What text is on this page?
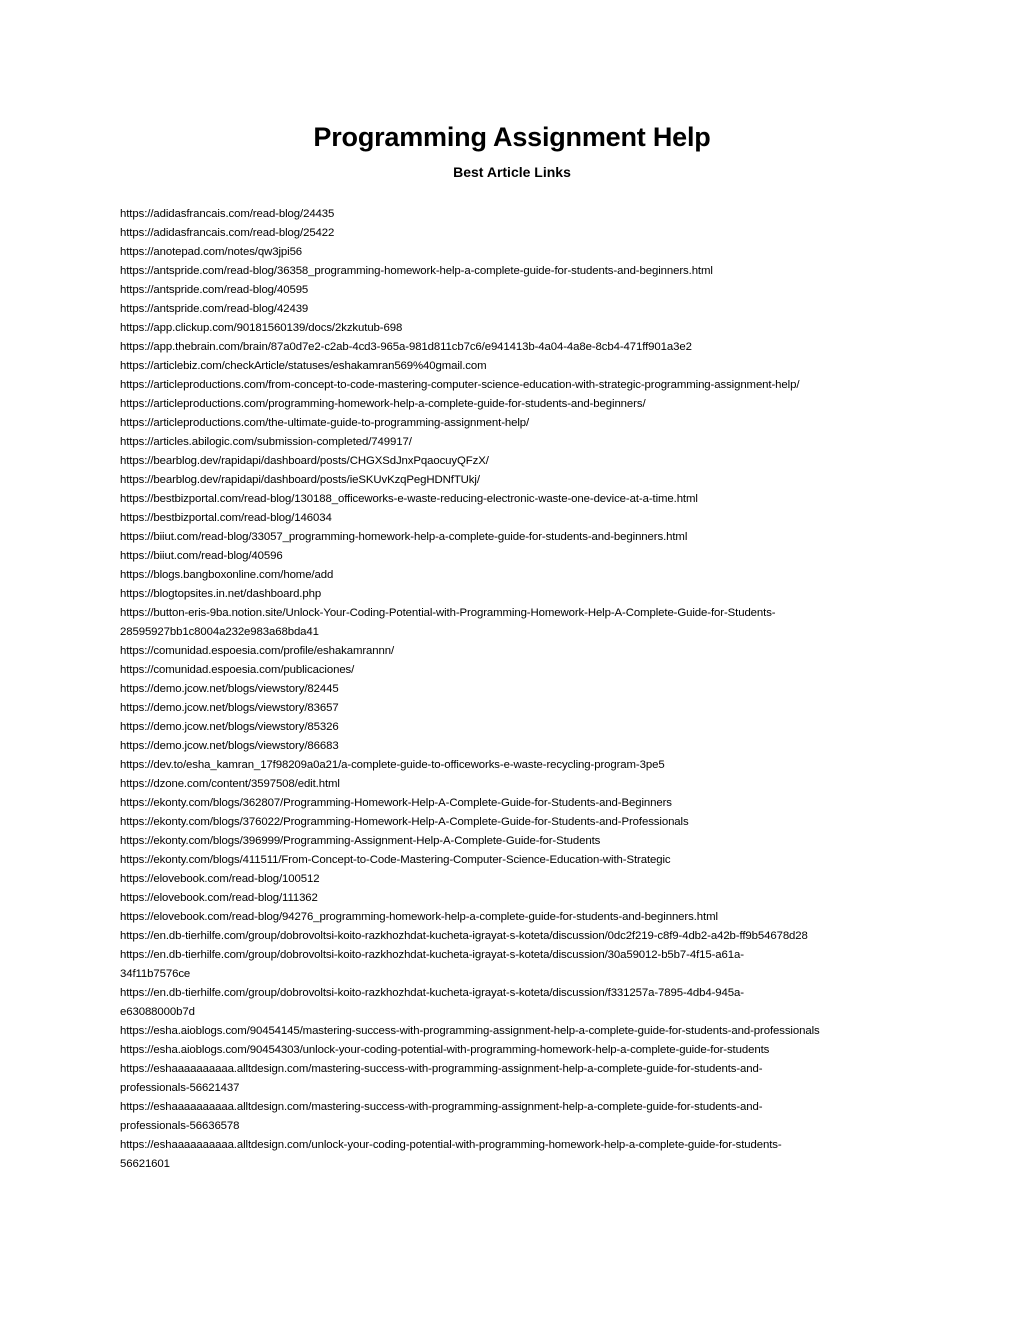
Programming Assignment Help
Best Article Links
https://adidasfrancais.com/read-blog/24435
https://adidasfrancais.com/read-blog/25422
https://anotepad.com/notes/qw3jpi56
https://antspride.com/read-blog/36358_programming-homework-help-a-complete-guide-for-students-and-beginners.html
https://antspride.com/read-blog/40595
https://antspride.com/read-blog/42439
https://app.clickup.com/90181560139/docs/2kzkutub-698
https://app.thebrain.com/brain/87a0d7e2-c2ab-4cd3-965a-981d811cb7c6/e941413b-4a04-4a8e-8cb4-471ff901a3e2
https://articlebiz.com/checkArticle/statuses/eshakamran569%40gmail.com
https://articleproductions.com/from-concept-to-code-mastering-computer-science-education-with-strategic-programming-assignment-help/
https://articleproductions.com/programming-homework-help-a-complete-guide-for-students-and-beginners/
https://articleproductions.com/the-ultimate-guide-to-programming-assignment-help/
https://articles.abilogic.com/submission-completed/749917/
https://bearblog.dev/rapidapi/dashboard/posts/CHGXSdJnxPqaocuyQFzX/
https://bearblog.dev/rapidapi/dashboard/posts/ieSKUvKzqPegHDNfTUkj/
https://bestbizportal.com/read-blog/130188_officeworks-e-waste-reducing-electronic-waste-one-device-at-a-time.html
https://bestbizportal.com/read-blog/146034
https://biiut.com/read-blog/33057_programming-homework-help-a-complete-guide-for-students-and-beginners.html
https://biiut.com/read-blog/40596
https://blogs.bangboxonline.com/home/add
https://blogtopsites.in.net/dashboard.php
https://button-eris-9ba.notion.site/Unlock-Your-Coding-Potential-with-Programming-Homework-Help-A-Complete-Guide-for-Students-
28595927bb1c8004a232e983a68bda41
https://comunidad.espoesia.com/profile/eshakamrannn/
https://comunidad.espoesia.com/publicaciones/
https://demo.jcow.net/blogs/viewstory/82445
https://demo.jcow.net/blogs/viewstory/83657
https://demo.jcow.net/blogs/viewstory/85326
https://demo.jcow.net/blogs/viewstory/86683
https://dev.to/esha_kamran_17f98209a0a21/a-complete-guide-to-officeworks-e-waste-recycling-program-3pe5
https://dzone.com/content/3597508/edit.html
https://ekonty.com/blogs/362807/Programming-Homework-Help-A-Complete-Guide-for-Students-and-Beginners
https://ekonty.com/blogs/376022/Programming-Homework-Help-A-Complete-Guide-for-Students-and-Professionals
https://ekonty.com/blogs/396999/Programming-Assignment-Help-A-Complete-Guide-for-Students
https://ekonty.com/blogs/411511/From-Concept-to-Code-Mastering-Computer-Science-Education-with-Strategic
https://elovebook.com/read-blog/100512
https://elovebook.com/read-blog/111362
https://elovebook.com/read-blog/94276_programming-homework-help-a-complete-guide-for-students-and-beginners.html
https://en.db-tierhilfe.com/group/dobrovoltsi-koito-razkhozhdat-kucheta-igrayat-s-koteta/discussion/0dc2f219-c8f9-4db2-a42b-ff9b54678d28
https://en.db-tierhilfe.com/group/dobrovoltsi-koito-razkhozhdat-kucheta-igrayat-s-koteta/discussion/30a59012-b5b7-4f15-a61a-
34f11b7576ce
https://en.db-tierhilfe.com/group/dobrovoltsi-koito-razkhozhdat-kucheta-igrayat-s-koteta/discussion/f331257a-7895-4db4-945a-
e63088000b7d
https://esha.aioblogs.com/90454145/mastering-success-with-programming-assignment-help-a-complete-guide-for-students-and-professionals
https://esha.aioblogs.com/90454303/unlock-your-coding-potential-with-programming-homework-help-a-complete-guide-for-students
https://eshaaaaaaaaaa.alltdesign.com/mastering-success-with-programming-assignment-help-a-complete-guide-for-students-and-
professionals-56621437
https://eshaaaaaaaaaa.alltdesign.com/mastering-success-with-programming-assignment-help-a-complete-guide-for-students-and-
professionals-56636578
https://eshaaaaaaaaaa.alltdesign.com/unlock-your-coding-potential-with-programming-homework-help-a-complete-guide-for-students-
56621601
